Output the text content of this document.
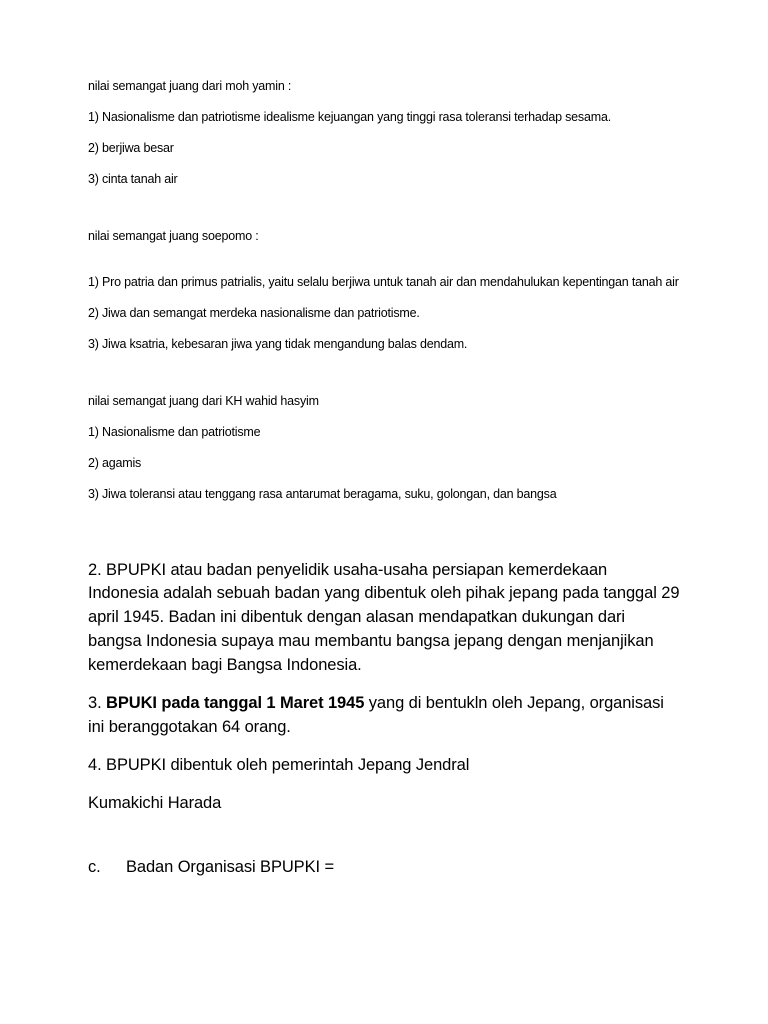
nilai semangat juang dari moh yamin :

1) Nasionalisme dan patriotisme idealisme kejuangan yang tinggi rasa toleransi terhadap sesama.

2) berjiwa besar

3) cinta tanah air

nilai semangat juang soepomo :

1) Pro patria dan primus patrialis, yaitu selalu berjiwa untuk tanah air dan mendahulukan kepentingan tanah air

2) Jiwa dan semangat merdeka nasionalisme dan patriotisme.

3) Jiwa ksatria, kebesaran jiwa yang tidak mengandung balas dendam.

nilai semangat juang dari KH wahid hasyim

1) Nasionalisme dan patriotisme

2) agamis

3) Jiwa toleransi atau tenggang rasa antarumat beragama, suku, golongan, dan bangsa

2. BPUPKI atau badan penyelidik usaha-usaha persiapan kemerdekaan Indonesia adalah sebuah badan yang dibentuk oleh pihak jepang pada tanggal 29 april 1945. Badan ini dibentuk dengan alasan mendapatkan dukungan dari bangsa Indonesia supaya mau membantu bangsa jepang dengan menjanjikan kemerdekaan bagi Bangsa Indonesia.

3. BPUKI pada tanggal 1 Maret 1945 yang di bentukln oleh Jepang, organisasi ini beranggotakan 64 orang.

4. BPUPKI dibentuk oleh pemerintah Jepang Jendral

Kumakichi Harada

c. Badan Organisasi BPUPKI =
